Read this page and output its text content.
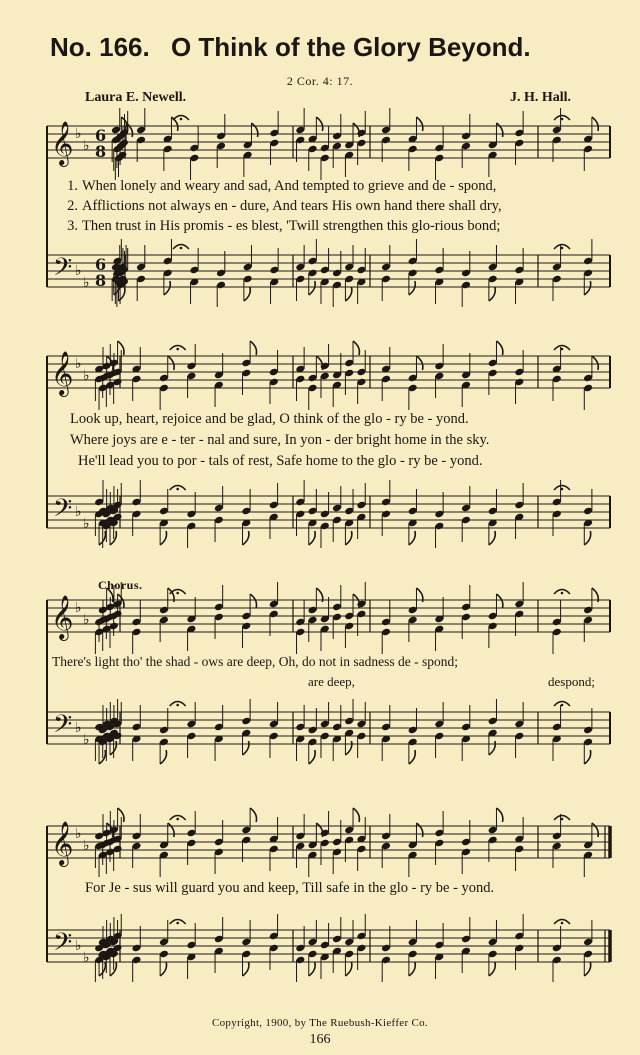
𝄞
𝄢
♭
♭
♭
♭
6
8
6
8
𝄞
𝄢
♭
♭
♭
♭
𝄞
𝄢
♭
♭
♭
♭
𝄞
𝄢
♭
♭
♭
♭
No. 166. O Think of the Glory Beyond.
2 Cor. 4: 17.
Laura E. Newell.	J. H. Hall.
1. When lonely and weary and sad, And tempted to grieve and de - spond,
2. Afflictions not always en - dure, And tears His own hand there shall dry,
3. Then trust in His promis - es blest, 'Twill strengthen this glo-rious bond;
Look up, heart, rejoice and be glad, O think of the glo - ry be - yond.
Where joys are e - ter - nal and sure, In yon - der bright home in the sky.
He'll lead you to por - tals of rest, Safe home to the glo - ry be - yond.
Chorus.
There's light tho' the shad - ows are deep, Oh, do not in sadness de - spond;
are deep,	despond;
For Je - sus will guard you and keep, Till safe in the glo - ry be - yond.
Copyright, 1900, by The Ruebush-Kieffer Co.
166
